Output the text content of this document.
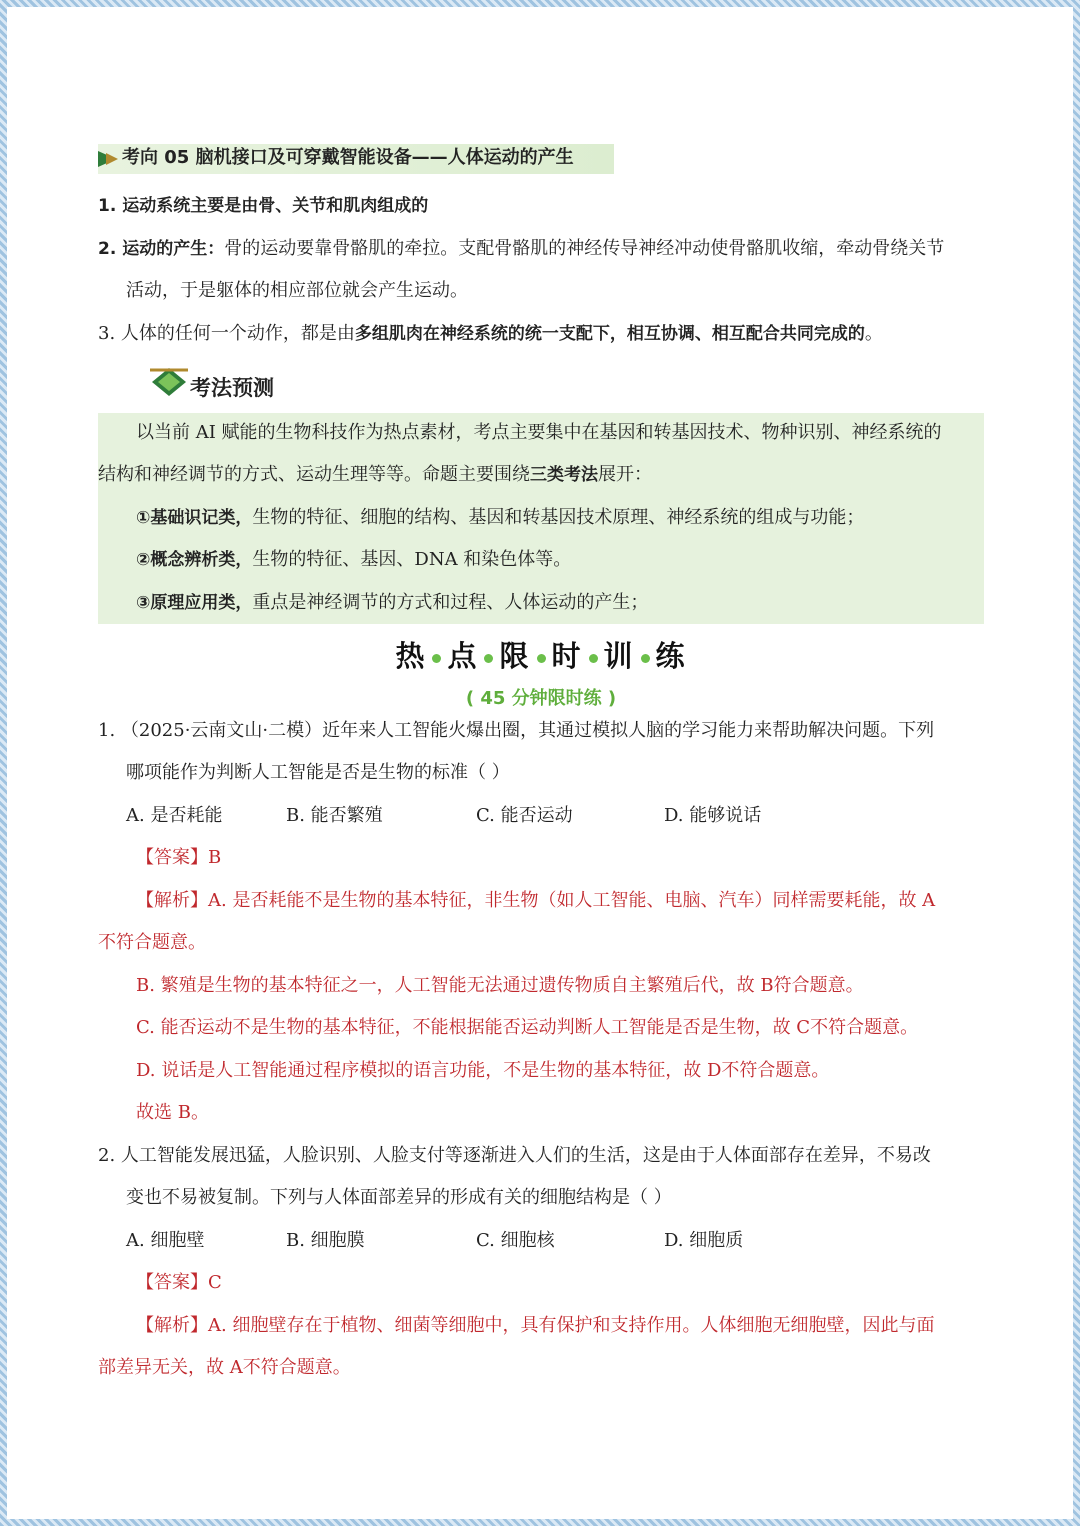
考向 05 脑机接口及可穿戴智能设备——人体运动的产生
1. 运动系统主要是由骨、关节和肌肉组成的
2. 运动的产生：骨的运动要靠骨骼肌的牵拉。支配骨骼肌的神经传导神经冲动使骨骼肌收缩，牵动骨绕关节
活动，于是躯体的相应部位就会产生运动。
3. 人体的任何一个动作，都是由多组肌肉在神经系统的统一支配下，相互协调、相互配合共同完成的。
考法预测
以当前 AI 赋能的生物科技作为热点素材，考点主要集中在基因和转基因技术、物种识别、神经系统的
结构和神经调节的方式、运动生理等等。命题主要围绕三类考法展开：
①基础识记类，生物的特征、细胞的结构、基因和转基因技术原理、神经系统的组成与功能；
②概念辨析类，生物的特征、基因、DNA 和染色体等。
③原理应用类，重点是神经调节的方式和过程、人体运动的产生；
热 点 限 时 训 练
( 45 分钟限时练 )
1. （2025·云南文山·二模）近年来人工智能火爆出圈，其通过模拟人脑的学习能力来帮助解决问题。下列
哪项能作为判断人工智能是否是生物的标准（ ）
A. 是否耗能	B. 能否繁殖	C. 能否运动	D. 能够说话
【答案】B
【解析】A. 是否耗能不是生物的基本特征，非生物（如人工智能、电脑、汽车）同样需要耗能，故 A
不符合题意。
B. 繁殖是生物的基本特征之一，人工智能无法通过遗传物质自主繁殖后代，故 B符合题意。
C. 能否运动不是生物的基本特征，不能根据能否运动判断人工智能是否是生物，故 C不符合题意。
D. 说话是人工智能通过程序模拟的语言功能，不是生物的基本特征，故 D不符合题意。
故选 B。
2. 人工智能发展迅猛，人脸识别、人脸支付等逐渐进入人们的生活，这是由于人体面部存在差异，不易改
变也不易被复制。下列与人体面部差异的形成有关的细胞结构是（ ）
A. 细胞壁	B. 细胞膜	C. 细胞核	D. 细胞质
【答案】C
【解析】A. 细胞壁存在于植物、细菌等细胞中，具有保护和支持作用。人体细胞无细胞壁，因此与面
部差异无关，故 A不符合题意。
